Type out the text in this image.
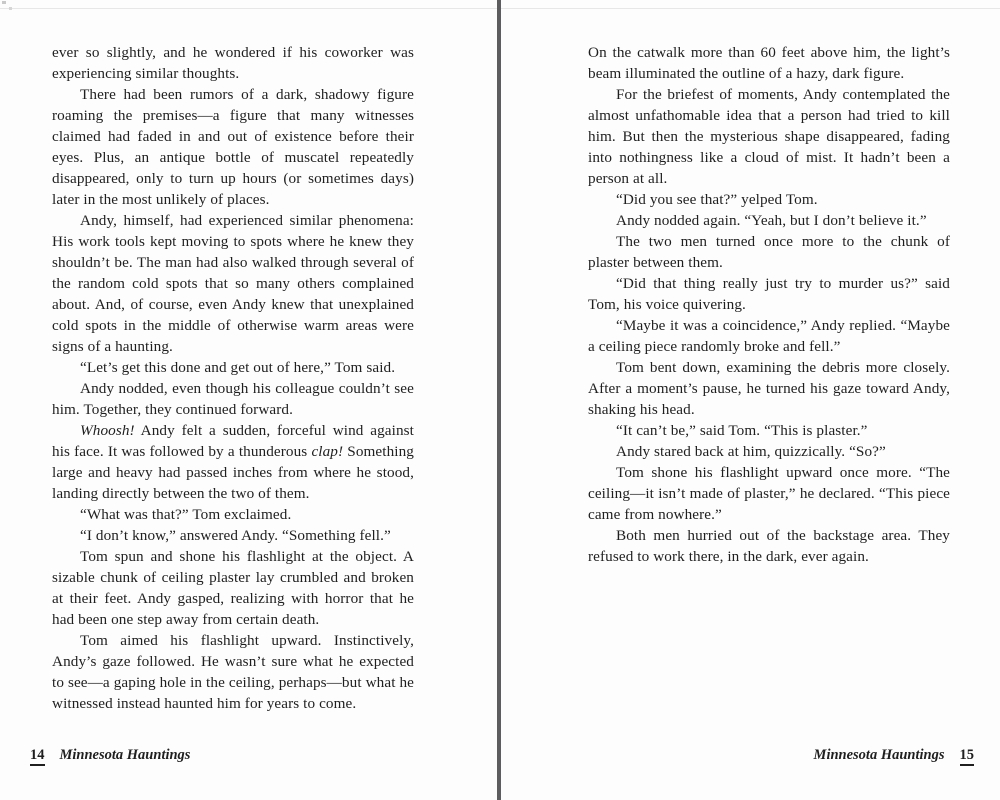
ever so slightly, and he wondered if his coworker was experiencing similar thoughts.

There had been rumors of a dark, shadowy figure roaming the premises—a figure that many witnesses claimed had faded in and out of existence before their eyes. Plus, an antique bottle of muscatel repeatedly disappeared, only to turn up hours (or sometimes days) later in the most unlikely of places.

Andy, himself, had experienced similar phenomena: His work tools kept moving to spots where he knew they shouldn’t be. The man had also walked through several of the random cold spots that so many others complained about. And, of course, even Andy knew that unexplained cold spots in the middle of otherwise warm areas were signs of a haunting.

“Let’s get this done and get out of here,” Tom said.

Andy nodded, even though his colleague couldn’t see him. Together, they continued forward.

Whoosh! Andy felt a sudden, forceful wind against his face. It was followed by a thunderous clap! Something large and heavy had passed inches from where he stood, landing directly between the two of them.

“What was that?” Tom exclaimed.

“I don’t know,” answered Andy. “Something fell.”

Tom spun and shone his flashlight at the object. A sizable chunk of ceiling plaster lay crumbled and broken at their feet. Andy gasped, realizing with horror that he had been one step away from certain death.

Tom aimed his flashlight upward. Instinctively, Andy’s gaze followed. He wasn’t sure what he expected to see—a gaping hole in the ceiling, perhaps—but what he witnessed instead haunted him for years to come.

14 Minnesota Hauntings

On the catwalk more than 60 feet above him, the light’s beam illuminated the outline of a hazy, dark figure.

For the briefest of moments, Andy contemplated the almost unfathomable idea that a person had tried to kill him. But then the mysterious shape disappeared, fading into nothingness like a cloud of mist. It hadn’t been a person at all.

“Did you see that?” yelped Tom.

Andy nodded again. “Yeah, but I don’t believe it.”

The two men turned once more to the chunk of plaster between them.

“Did that thing really just try to murder us?” said Tom, his voice quivering.

“Maybe it was a coincidence,” Andy replied. “Maybe a ceiling piece randomly broke and fell.”

Tom bent down, examining the debris more closely. After a moment’s pause, he turned his gaze toward Andy, shaking his head.

“It can’t be,” said Tom. “This is plaster.”

Andy stared back at him, quizzically. “So?”

Tom shone his flashlight upward once more. “The ceiling—it isn’t made of plaster,” he declared. “This piece came from nowhere.”

Both men hurried out of the backstage area. They refused to work there, in the dark, ever again.

Minnesota Hauntings 15
